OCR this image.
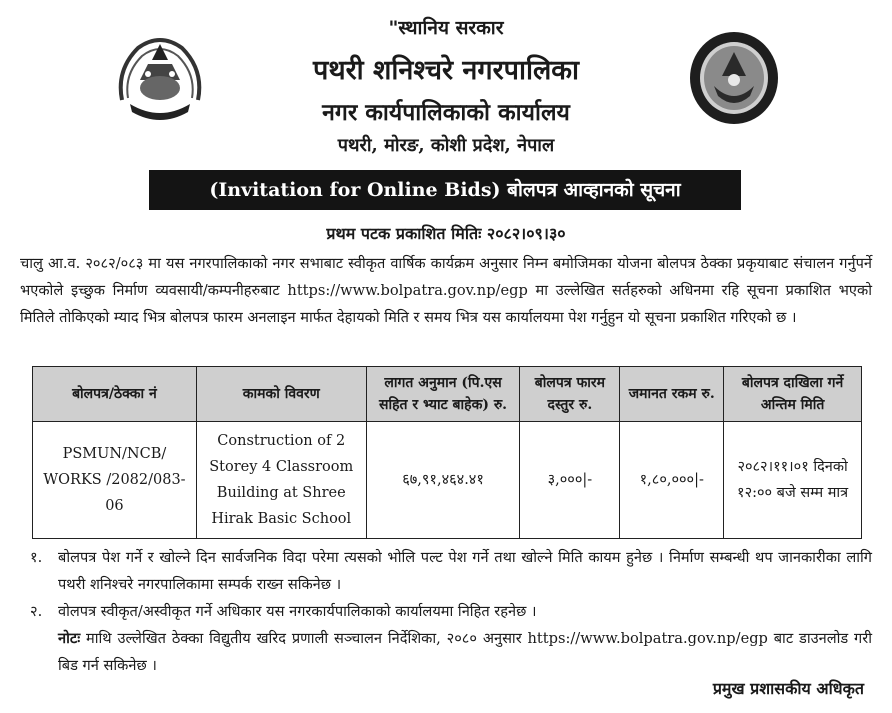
"स्थानिय सरकार
पथरी शनिश्चरे नगरपालिका
नगर कार्यपालिकाको कार्यालय
पथरी, मोरङ, कोशी प्रदेश, नेपाल
(Invitation for Online Bids) बोलपत्र आव्हानको सूचना
प्रथम पटक प्रकाशित मितिः २०८२।०९।३०
चालु आ.व. २०८२/०८३ मा यस नगरपालिकाको नगर सभाबाट स्वीकृत वार्षिक कार्यक्रम अनुसार निम्न बमोजिमका योजना बोलपत्र ठेक्का प्रकृयाबाट संचालन गर्नुपर्ने भएकोले इच्छुक निर्माण व्यवसायी/कम्पनीहरुबाट https://www.bolpatra.gov.np/egp मा उल्लेखित सर्तहरुको अधिनमा रहि सूचना प्रकाशित भएको मितिले तोकिएको म्याद भित्र बोलपत्र फारम अनलाइन मार्फत देहायको मिति र समय भित्र यस कार्यालयमा पेश गर्नुहुन यो सूचना प्रकाशित गरिएको छ ।
बोलपत्र/ठेक्का नं	कामको विवरण	लागत अनुमान (पि.एस सहित र भ्याट बाहेक) रु.	बोलपत्र फारम दस्तुर रु.	जमानत रकम रु.	बोलपत्र दाखिला गर्ने अन्तिम मिति
PSMUN/NCB/ WORKS /2082/083-06	Construction of 2 Storey 4 Classroom Building at Shree Hirak Basic School	६७,९१,४६४.४१	३,०००|-	१,८०,०००|-	२०८२।११।०१ दिनको १२:०० बजे सम्म मात्र
१.	बोलपत्र पेश गर्ने र खोल्ने दिन सार्वजनिक विदा परेमा त्यसको भोलि पल्ट पेश गर्ने तथा खोल्ने मिति कायम हुनेछ । निर्माण सम्बन्धी थप जानकारीका लागि पथरी शनिश्चरे नगरपालिकामा सम्पर्क राख्न सकिनेछ ।
२.	वोलपत्र स्वीकृत/अस्वीकृत गर्ने अधिकार यस नगरकार्यपालिकाको कार्यालयमा निहित रहनेछ ।
नोटः माथि उल्लेखित ठेक्का विद्युतीय खरिद प्रणाली सञ्चालन निर्देशिका, २०८० अनुसार https://www.bolpatra.gov.np/egp बाट डाउनलोड गरी बिड गर्न सकिनेछ ।
प्रमुख प्रशासकीय अधिकृत
